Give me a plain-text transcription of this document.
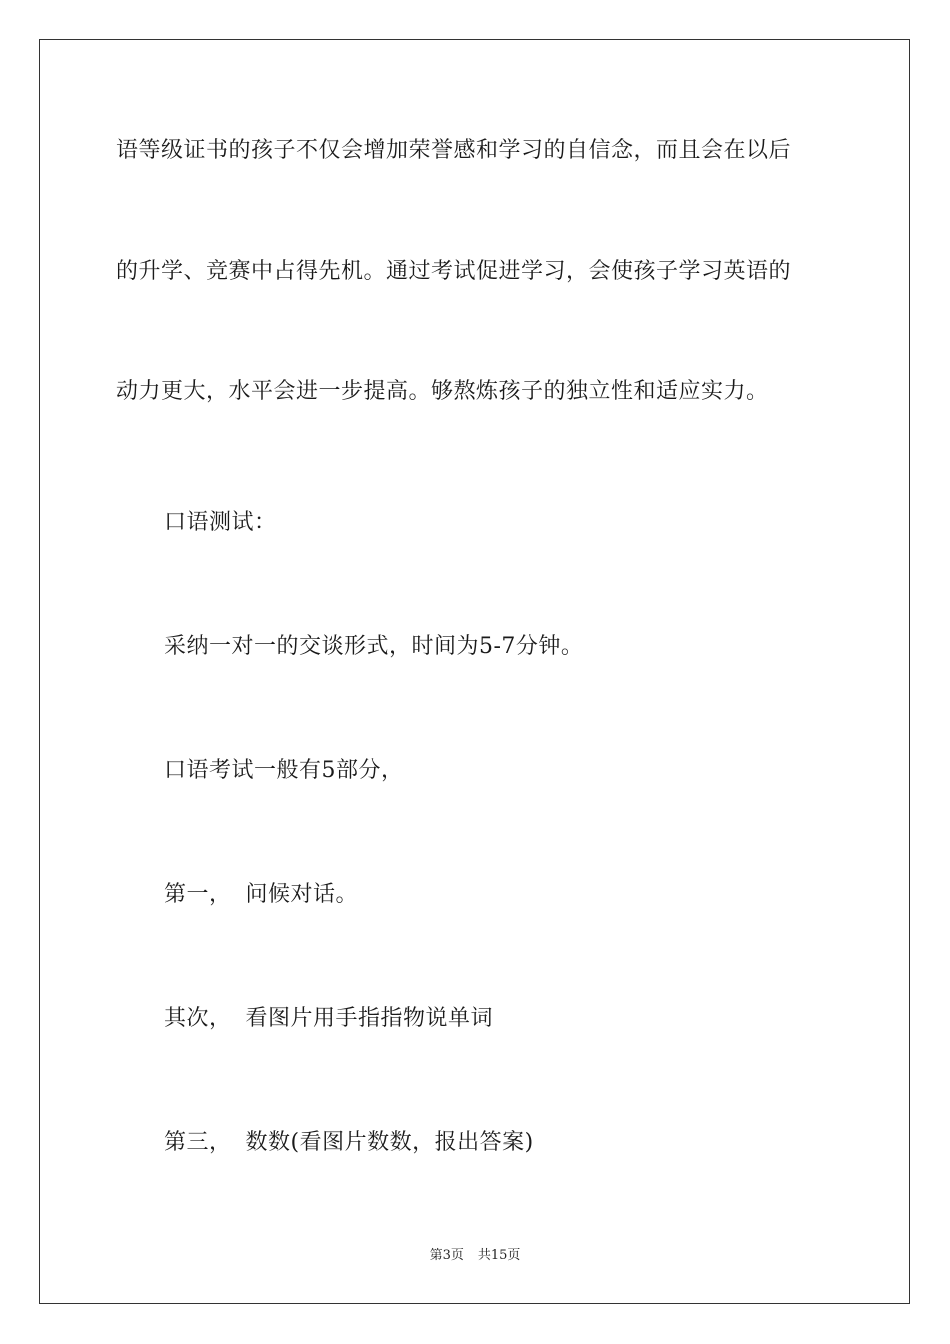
语等级证书的孩子不仅会增加荣誉感和学习的自信念，而且会在以后
的升学、竞赛中占得先机。通过考试促进学习，会使孩子学习英语的
动力更大，水平会进一步提高。够熬炼孩子的独立性和适应实力。
口语测试：
采纳一对一的交谈形式，时间为5-7分钟。
口语考试一般有5部分，
第一， 问候对话。
其次， 看图片用手指指物说单词
第三， 数数(看图片数数，报出答案)
第3页 共15页
